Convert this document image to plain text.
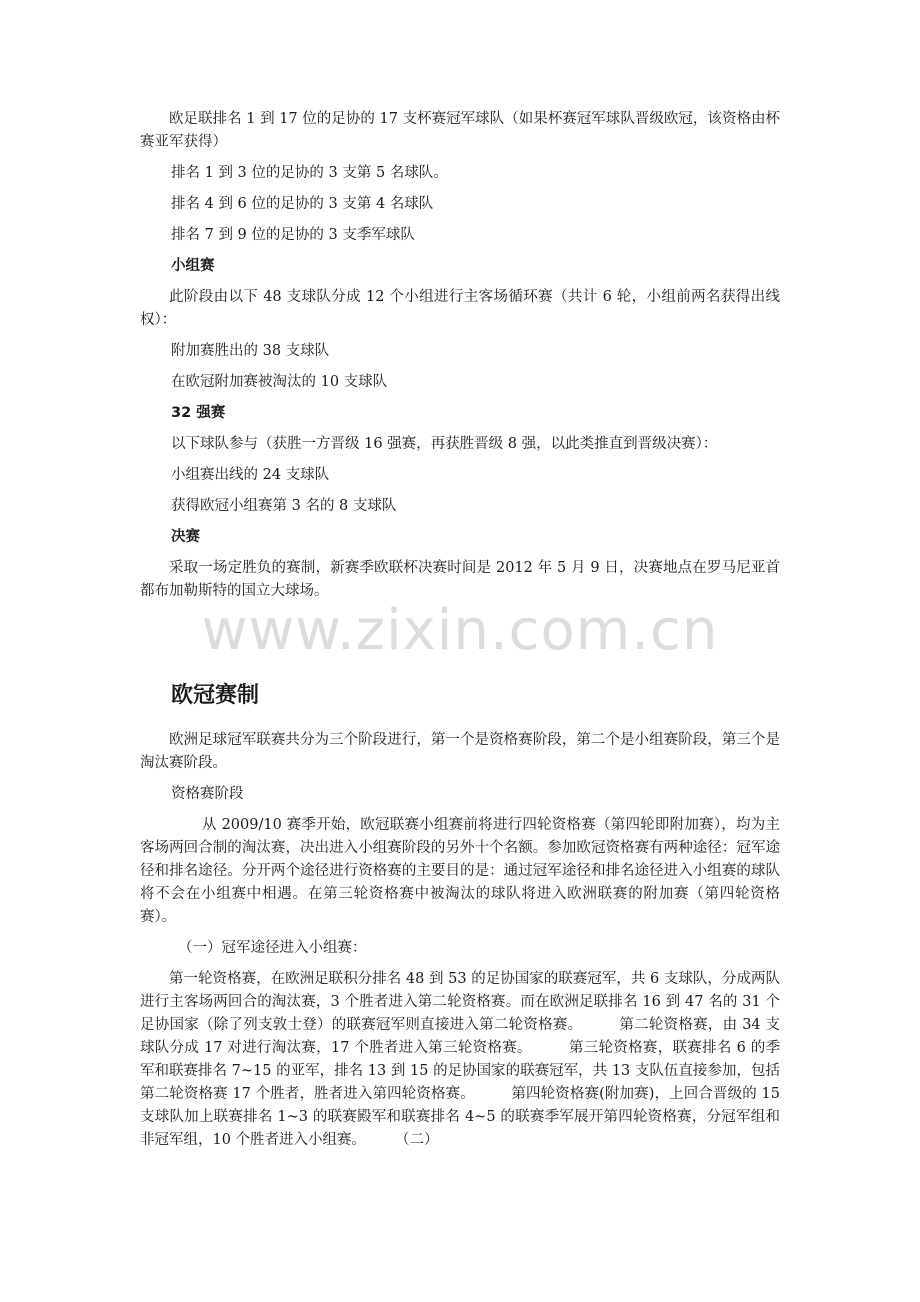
www.zixin.com.cn

欧足联排名 1 到 17 位的足协的 17 支杯赛冠军球队（如果杯赛冠军球队晋级欧冠，该资格由杯赛亚军获得）

排名 1 到 3 位的足协的 3 支第 5 名球队。

排名 4 到 6 位的足协的 3 支第 4 名球队

排名 7 到 9 位的足协的 3 支季军球队

小组赛

此阶段由以下 48 支球队分成 12 个小组进行主客场循环赛（共计 6 轮，小组前两名获得出线权）：

附加赛胜出的 38 支球队

在欧冠附加赛被淘汰的 10 支球队

32 强赛

以下球队参与（获胜一方晋级 16 强赛，再获胜晋级 8 强，以此类推直到晋级决赛）：

小组赛出线的 24 支球队

获得欧冠小组赛第 3 名的 8 支球队

决赛

采取一场定胜负的赛制，新赛季欧联杯决赛时间是 2012 年 5 月 9 日，决赛地点在罗马尼亚首都布加勒斯特的国立大球场。

欧冠赛制

欧洲足球冠军联赛共分为三个阶段进行，第一个是资格赛阶段，第二个是小组赛阶段，第三个是淘汰赛阶段。

资格赛阶段

从 2009/10 赛季开始，欧冠联赛小组赛前将进行四轮资格赛（第四轮即附加赛），均为主客场两回合制的淘汰赛，决出进入小组赛阶段的另外十个名额。参加欧冠资格赛有两种途径：冠军途径和排名途径。分开两个途径进行资格赛的主要目的是：通过冠军途径和排名途径进入小组赛的球队将不会在小组赛中相遇。在第三轮资格赛中被淘汰的球队将进入欧洲联赛的附加赛（第四轮资格赛）。

（一）冠军途径进入小组赛：

第一轮资格赛，在欧洲足联积分排名 48 到 53 的足协国家的联赛冠军，共 6 支球队，分成两队进行主客场两回合的淘汰赛，3 个胜者进入第二轮资格赛。而在欧洲足联排名 16 到 47 名的 31 个足协国家（除了列支敦士登）的联赛冠军则直接进入第二轮资格赛。　　　第二轮资格赛，由 34 支球队分成 17 对进行淘汰赛，17 个胜者进入第三轮资格赛。　　　第三轮资格赛，联赛排名 6 的季军和联赛排名 7~15 的亚军，排名 13 到 15 的足协国家的联赛冠军，共 13 支队伍直接参加，包括第二轮资格赛 17 个胜者，胜者进入第四轮资格赛。　　　第四轮资格赛(附加赛)，上回合晋级的 15 支球队加上联赛排名 1~3 的联赛殿军和联赛排名 4~5 的联赛季军展开第四轮资格赛，分冠军组和非冠军组，10 个胜者进入小组赛。　　　（二）
